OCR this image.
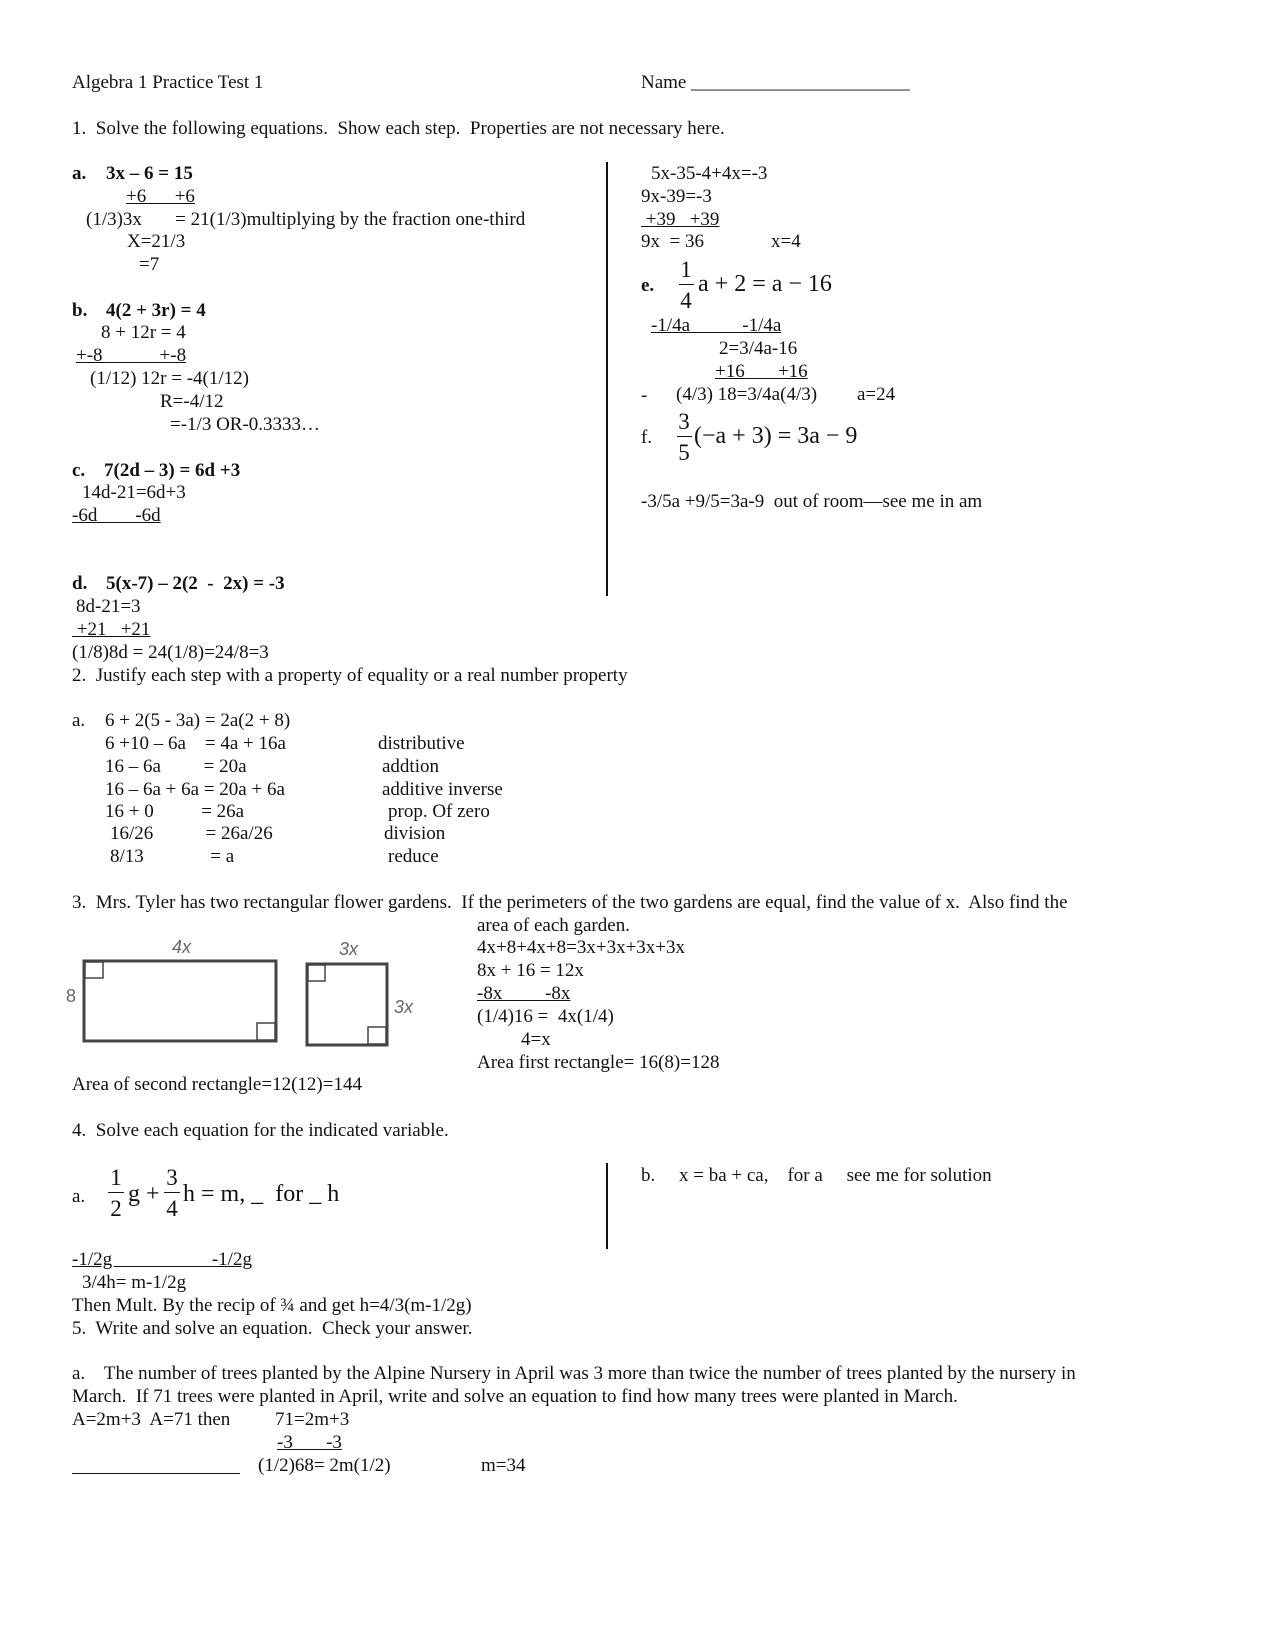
Algebra 1 Practice Test 1	Name _______________________
1.  Solve the following equations.  Show each step.  Properties are not necessary here.
a. 3x – 6 = 15
+6      +6
(1/3)3x       = 21(1/3)multiplying by the fraction one-third
X=21/3
=7
b. 4(2 + 3r) = 4
8 + 12r = 4
+-8            +-8
(1/12) 12r = -4(1/12)
R=-4/12
=-1/3 OR-0.3333…
c. 7(2d – 3) = 6d +3
14d-21=6d+3
-6d        -6d
d. 5(x-7) – 2(2  -  2x) = -3
8d-21=3
+21   +21
(1/8)8d = 24(1/8)=24/8=3
5x-35-4+4x=-3
9x-39=-3
+39   +39
9x  = 36	x=4
e.
1
4
a + 2 = a − 16
-1/4a           -1/4a
2=3/4a-16
+16       +16
- (4/3) 18=3/4a(4/3) a=24
f.
3
5
(−a + 3) = 3a − 9
-3/5a +9/5=3a-9  out of room—see me in am
2.  Justify each step with a property of equality or a real number property
a. 6 + 2(5 - 3a) = 2a(2 + 8)
6 +10 – 6a    = 4a + 16a	distributive
16 – 6a         = 20a	addtion
16 – 6a + 6a = 20a + 6a	additive inverse
16 + 0          = 26a	prop. Of zero
16/26           = 26a/26	division
8/13              = a	reduce
3.  Mrs. Tyler has two rectangular flower gardens.  If the perimeters of the two gardens are equal, find the value of x.  Also find the
area of each garden.
4x
8
3x
3x
4x+8+4x+8=3x+3x+3x+3x
8x + 16 = 12x
-8x         -8x
(1/4)16 =  4x(1/4)
4=x
Area first rectangle= 16(8)=128
Area of second rectangle=12(12)=144
4.  Solve each equation for the indicated variable.
a.
1
2
g +
3
4
h = m, _  for _ h
b.     x = ba + ca,    for a     see me for solution
-1/2g                     -1/2g
3/4h= m-1/2g
Then Mult. By the recip of ¾ and get h=4/3(m-1/2g)
5.  Write and solve an equation.  Check your answer.
a.    The number of trees planted by the Alpine Nursery in April was 3 more than twice the number of trees planted by the nursery in
March.  If 71 trees were planted in April, write and solve an equation to find how many trees were planted in March.
A=2m+3  A=71 then 71=2m+3
-3       -3
(1/2)68= 2m(1/2)	m=34
